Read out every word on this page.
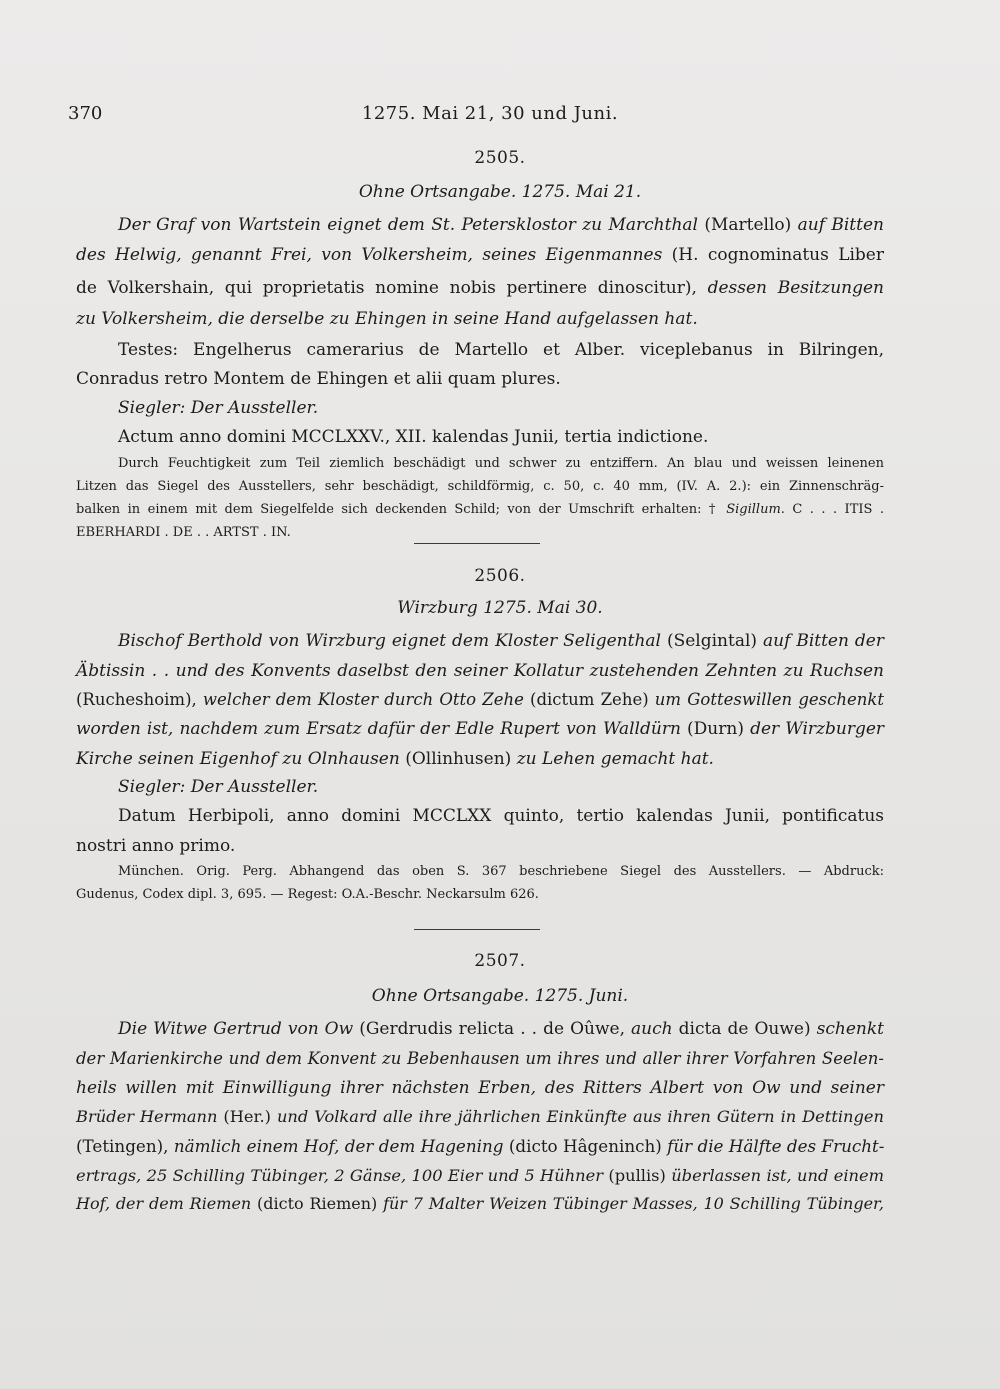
370	1275. Mai 21, 30 und Juni.
2505.
Ohne Ortsangabe. 1275. Mai 21.
Der Graf von Wartstein eignet dem St. Petersklostor zu Marchthal (Martello) auf Bitten
des Helwig, genannt Frei, von Volkersheim, seines Eigenmannes (H. cognominatus Liber
de Volkershain, qui proprietatis nomine nobis pertinere dinoscitur), dessen Besitzungen
zu Volkersheim, die derselbe zu Ehingen in seine Hand aufgelassen hat.
Testes: Engelherus camerarius de Martello et Alber. viceplebanus in Bilringen,
Conradus retro Montem de Ehingen et alii quam plures.
Siegler: Der Aussteller.
Actum anno domini MCCLXXV., XII. kalendas Junii, tertia indictione.
Durch Feuchtigkeit zum Teil ziemlich beschädigt und schwer zu entziffern. An blau und weissen leinenen
Litzen das Siegel des Ausstellers, sehr beschädigt, schildförmig, c. 50, c. 40 mm, (IV. A. 2.): ein Zinnenschräg-
balken in einem mit dem Siegelfelde sich deckenden Schild; von der Umschrift erhalten: † Sigillum. C . . . ITIS .
EBERHARDI . DE . . ARTST . IN.
2506.
Wirzburg 1275. Mai 30.
Bischof Berthold von Wirzburg eignet dem Kloster Seligenthal (Selgintal) auf Bitten der
Äbtissin . . und des Konvents daselbst den seiner Kollatur zustehenden Zehnten zu Ruchsen
(Rucheshoim), welcher dem Kloster durch Otto Zehe (dictum Zehe) um Gotteswillen geschenkt
worden ist, nachdem zum Ersatz dafür der Edle Rupert von Walldürn (Durn) der Wirzburger
Kirche seinen Eigenhof zu Olnhausen (Ollinhusen) zu Lehen gemacht hat.
Siegler: Der Aussteller.
Datum Herbipoli, anno domini MCCLXX quinto, tertio kalendas Junii, pontificatus
nostri anno primo.
München. Orig. Perg. Abhangend das oben S. 367 beschriebene Siegel des Ausstellers. — Abdruck:
Gudenus, Codex dipl. 3, 695. — Regest: O.A.-Beschr. Neckarsulm 626.
2507.
Ohne Ortsangabe. 1275. Juni.
Die Witwe Gertrud von Ow (Gerdrudis relicta . . de Oûwe, auch dicta de Ouwe) schenkt
der Marienkirche und dem Konvent zu Bebenhausen um ihres und aller ihrer Vorfahren Seelen-
heils willen mit Einwilligung ihrer nächsten Erben, des Ritters Albert von Ow und seiner
Brüder Hermann (Her.) und Volkard alle ihre jährlichen Einkünfte aus ihren Gütern in Dettingen
(Tetingen), nämlich einem Hof, der dem Hagening (dicto Hâgeninch) für die Hälfte des Frucht-
ertrags, 25 Schilling Tübinger, 2 Gänse, 100 Eier und 5 Hühner (pullis) überlassen ist, und einem
Hof, der dem Riemen (dicto Riemen) für 7 Malter Weizen Tübinger Masses, 10 Schilling Tübinger,
